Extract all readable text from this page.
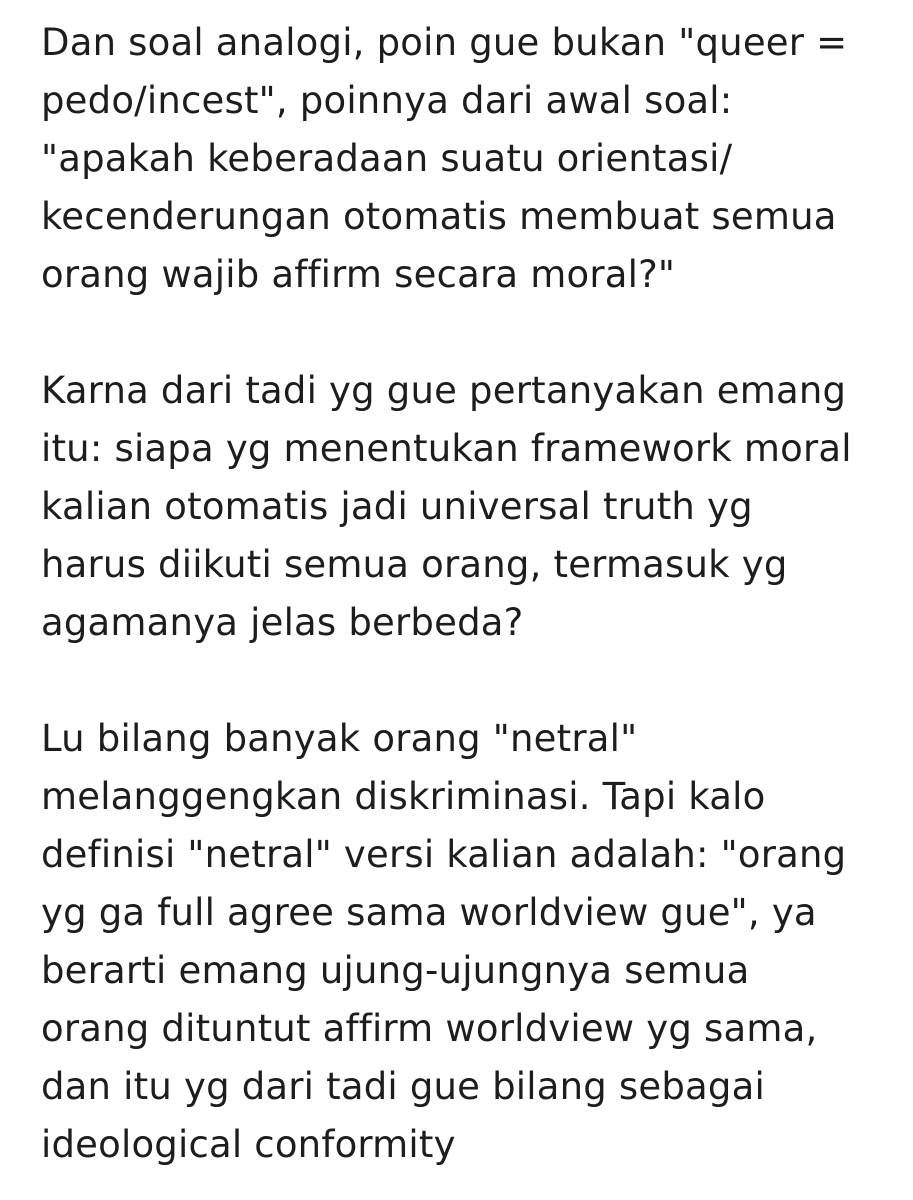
Dan soal analogi, poin gue bukan "queer =
pedo/incest", poinnya dari awal soal:
"apakah keberadaan suatu orientasi/
kecenderungan otomatis membuat semua
orang wajib affirm secara moral?"

Karna dari tadi yg gue pertanyakan emang
itu: siapa yg menentukan framework moral
kalian otomatis jadi universal truth yg
harus diikuti semua orang, termasuk yg
agamanya jelas berbeda?

Lu bilang banyak orang "netral"
melanggengkan diskriminasi. Tapi kalo
definisi "netral" versi kalian adalah: "orang
yg ga full agree sama worldview gue", ya
berarti emang ujung-ujungnya semua
orang dituntut affirm worldview yg sama,
dan itu yg dari tadi gue bilang sebagai
ideological conformity
